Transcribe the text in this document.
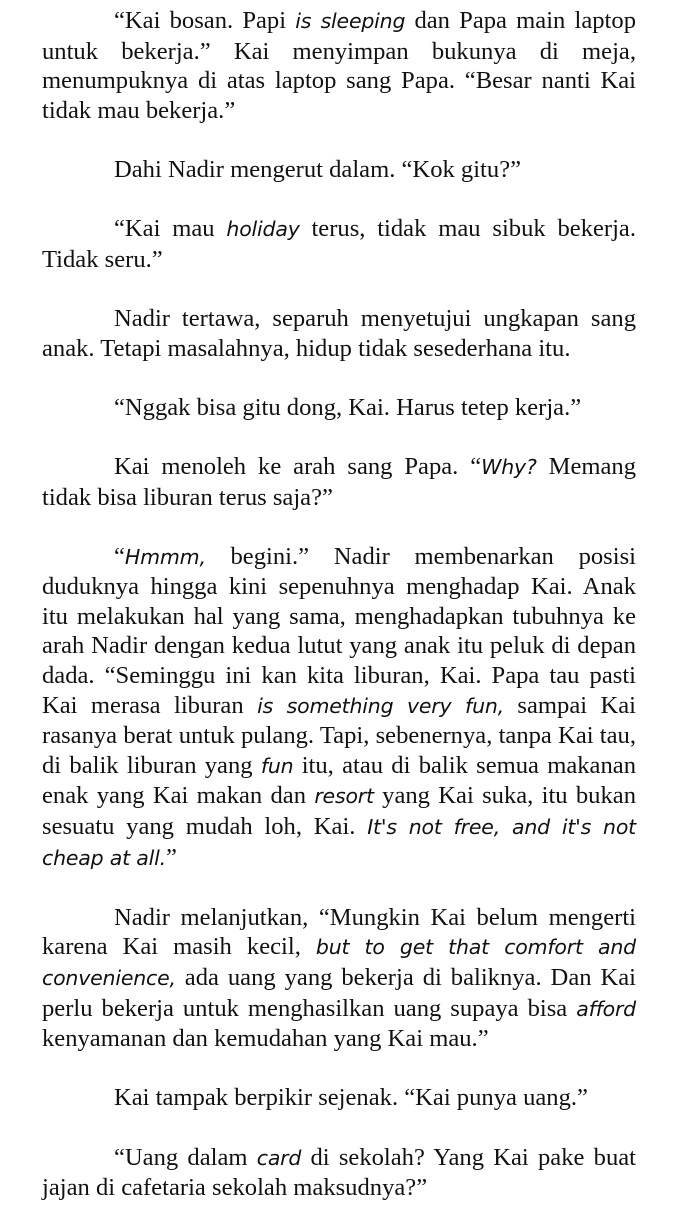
“Kai bosan. Papi is sleeping dan Papa main laptop untuk bekerja.” Kai menyimpan bukunya di meja, menumpuknya di atas laptop sang Papa. “Besar nanti Kai tidak mau bekerja.”

Dahi Nadir mengerut dalam. “Kok gitu?”

“Kai mau holiday terus, tidak mau sibuk bekerja. Tidak seru.”

Nadir tertawa, separuh menyetujui ungkapan sang anak. Tetapi masalahnya, hidup tidak sesederhana itu.

“Nggak bisa gitu dong, Kai. Harus tetep kerja.”

Kai menoleh ke arah sang Papa. “Why? Memang tidak bisa liburan terus saja?”

“Hmmm, begini.” Nadir membenarkan posisi duduknya hingga kini sepenuhnya menghadap Kai. Anak itu melakukan hal yang sama, menghadapkan tubuhnya ke arah Nadir dengan kedua lutut yang anak itu peluk di depan dada. “Seminggu ini kan kita liburan, Kai. Papa tau pasti Kai merasa liburan is something very fun, sampai Kai rasanya berat untuk pulang. Tapi, sebenernya, tanpa Kai tau, di balik liburan yang fun itu, atau di balik semua makanan enak yang Kai makan dan resort yang Kai suka, itu bukan sesuatu yang mudah loh, Kai. It's not free, and it's not cheap at all.”

Nadir melanjutkan, “Mungkin Kai belum mengerti karena Kai masih kecil, but to get that comfort and convenience, ada uang yang bekerja di baliknya. Dan Kai perlu bekerja untuk menghasilkan uang supaya bisa afford kenyamanan dan kemudahan yang Kai mau.”

Kai tampak berpikir sejenak. “Kai punya uang.”

“Uang dalam card di sekolah? Yang Kai pake buat jajan di cafetaria sekolah maksudnya?”
